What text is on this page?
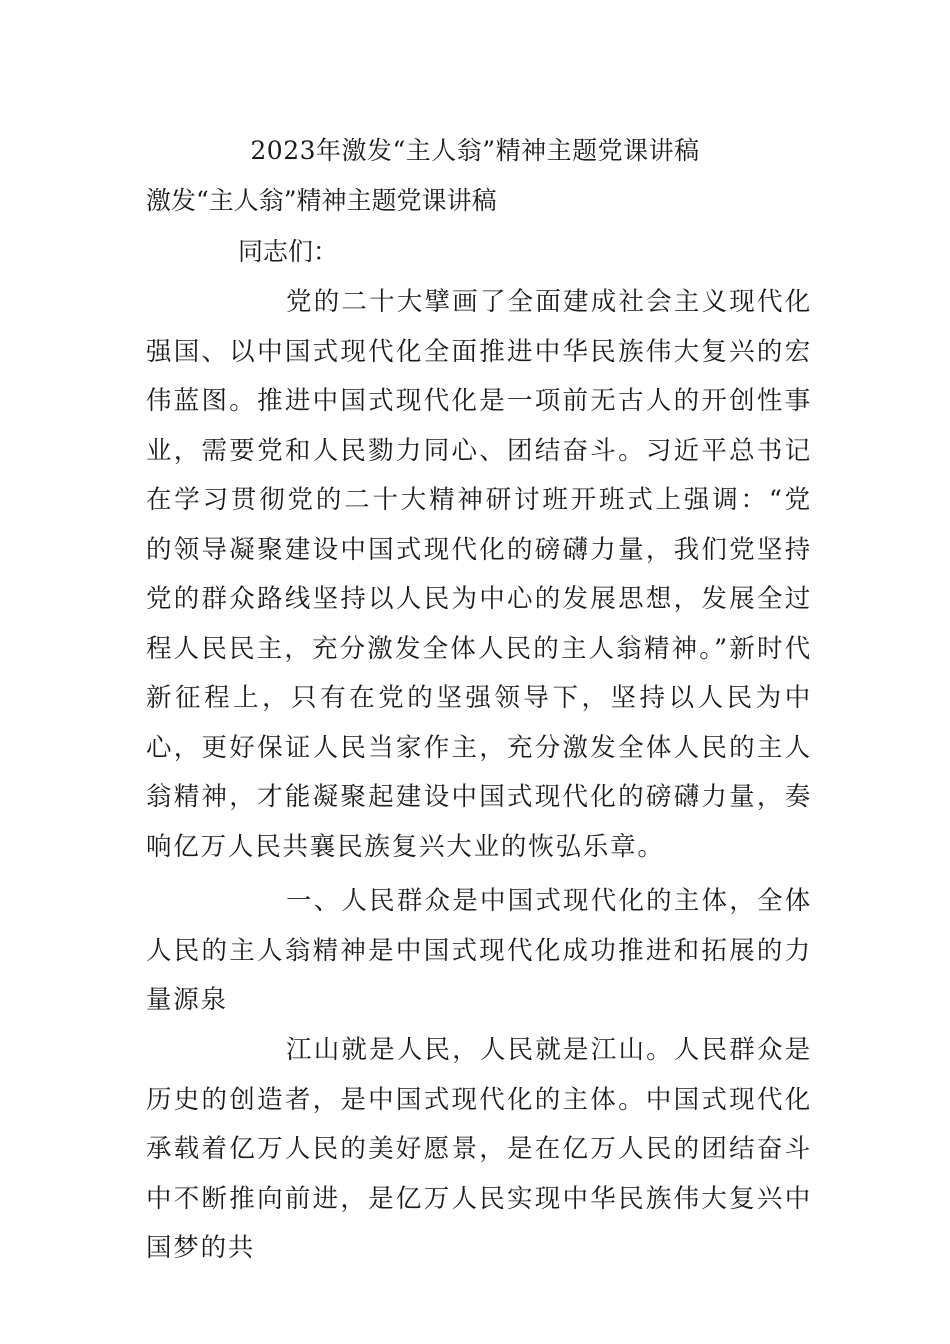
2023年激发“主人翁”精神主题党课讲稿
激发“主人翁”精神主题党课讲稿
同志们：

党的二十大擘画了全面建成社会主义现代化强国、以中国式现代化全面推进中华民族伟大复兴的宏伟蓝图。推进中国式现代化是一项前无古人的开创性事业，需要党和人民勠力同心、团结奋斗。习近平总书记在学习贯彻党的二十大精神研讨班开班式上强调：“党的领导凝聚建设中国式现代化的磅礴力量，我们党坚持党的群众路线坚持以人民为中心的发展思想，发展全过程人民民主，充分激发全体人民的主人翁精神。”新时代新征程上，只有在党的坚强领导下，坚持以人民为中心，更好保证人民当家作主，充分激发全体人民的主人翁精神，才能凝聚起建设中国式现代化的磅礴力量，奏响亿万人民共襄民族复兴大业的恢弘乐章。

一、人民群众是中国式现代化的主体，全体人民的主人翁精神是中国式现代化成功推进和拓展的力量源泉

江山就是人民，人民就是江山。人民群众是历史的创造者，是中国式现代化的主体。中国式现代化承载着亿万人民的美好愿景，是在亿万人民的团结奋斗中不断推向前进，是亿万人民实现中华民族伟大复兴中国梦的共
